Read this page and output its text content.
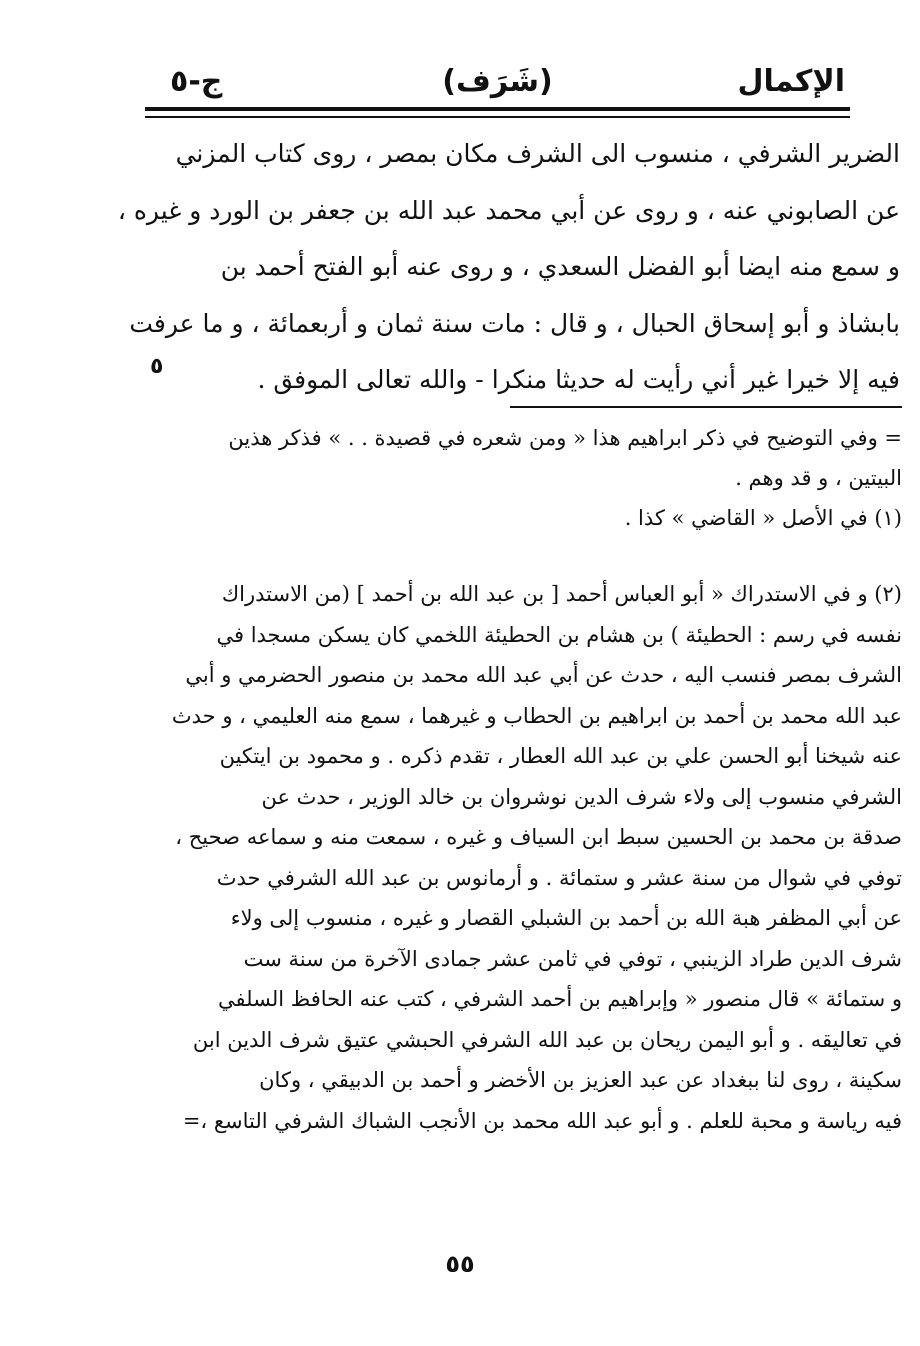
الإكمال
(شَرَف)
ج-٥
الضرير الشرفي ، منسوب الى الشرف مكان بمصر ، روى كتاب المزني
عن الصابوني عنه ، و روى عن أبي محمد عبد الله بن جعفر بن الورد و غيره ،
و سمع منه ايضا أبو الفضل السعدي ، و روى عنه أبو الفتح أحمد بن
بابشاذ و أبو إسحاق الحبال ، و قال : مات سنة ثمان و أربعمائة ، و ما عرفت
فيه إلا خيرا غير أني رأيت له حديثا منكرا - والله تعالى الموفق .
٥
= وفي التوضيح في ذكر ابراهيم هذا « ومن شعره في قصيدة . . » فذكر هذين
البيتين ، و قد وهم .
(١) في الأصل « القاضي » كذا .
(٢) و في الاستدراك « أبو العباس أحمد [ بن عبد الله بن أحمد ] (من الاستدراك
نفسه في رسم : الحطيئة ) بن هشام بن الحطيئة اللخمي كان يسكن مسجدا في
الشرف بمصر فنسب اليه ، حدث عن أبي عبد الله محمد بن منصور الحضرمي و أبي
عبد الله محمد بن أحمد بن ابراهيم بن الحطاب و غيرهما ، سمع منه العليمي ، و حدث
عنه شيخنا أبو الحسن علي بن عبد الله العطار ، تقدم ذكره . و محمود بن ايتكين
الشرفي منسوب إلى ولاء شرف الدين نوشروان بن خالد الوزير ، حدث عن
صدقة بن محمد بن الحسين سبط ابن السياف و غيره ، سمعت منه و سماعه صحيح ،
توفي في شوال من سنة عشر و ستمائة . و أرمانوس بن عبد الله الشرفي حدث
عن أبي المظفر هبة الله بن أحمد بن الشبلي القصار و غيره ، منسوب إلى ولاء
شرف الدين طراد الزينبي ، توفي في ثامن عشر جمادى الآخرة من سنة ست
و ستمائة » قال منصور « وإبراهيم بن أحمد الشرفي ، كتب عنه الحافظ السلفي
في تعاليقه . و أبو اليمن ريحان بن عبد الله الشرفي الحبشي عتيق شرف الدين ابن
سكينة ، روى لنا ببغداد عن عبد العزيز بن الأخضر و أحمد بن الدبيقي ، وكان
فيه رياسة و محبة للعلم . و أبو عبد الله محمد بن الأنجب الشباك الشرفي التاسع ،=
٥٥
